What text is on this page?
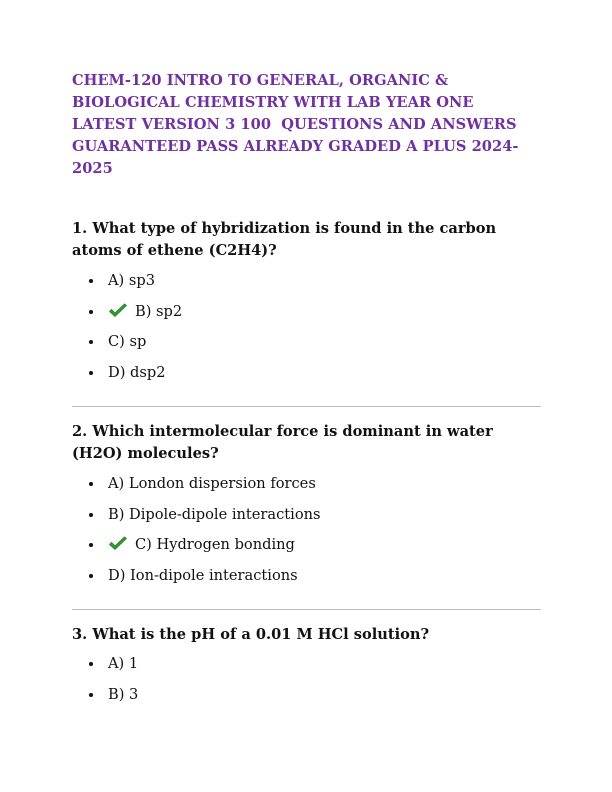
CHEM-120 INTRO TO GENERAL, ORGANIC &
BIOLOGICAL CHEMISTRY WITH LAB YEAR ONE
LATEST VERSION 3 100  QUESTIONS AND ANSWERS
GUARANTEED PASS ALREADY GRADED A PLUS 2024-
2025
1. What type of hybridization is found in the carbon
atoms of ethene (C2H4)?
A) sp3
B) sp2
C) sp
D) dsp2
2. Which intermolecular force is dominant in water
(H2O) molecules?
A) London dispersion forces
B) Dipole-dipole interactions
C) Hydrogen bonding
D) Ion-dipole interactions
3. What is the pH of a 0.01 M HCl solution?
A) 1
B) 3
